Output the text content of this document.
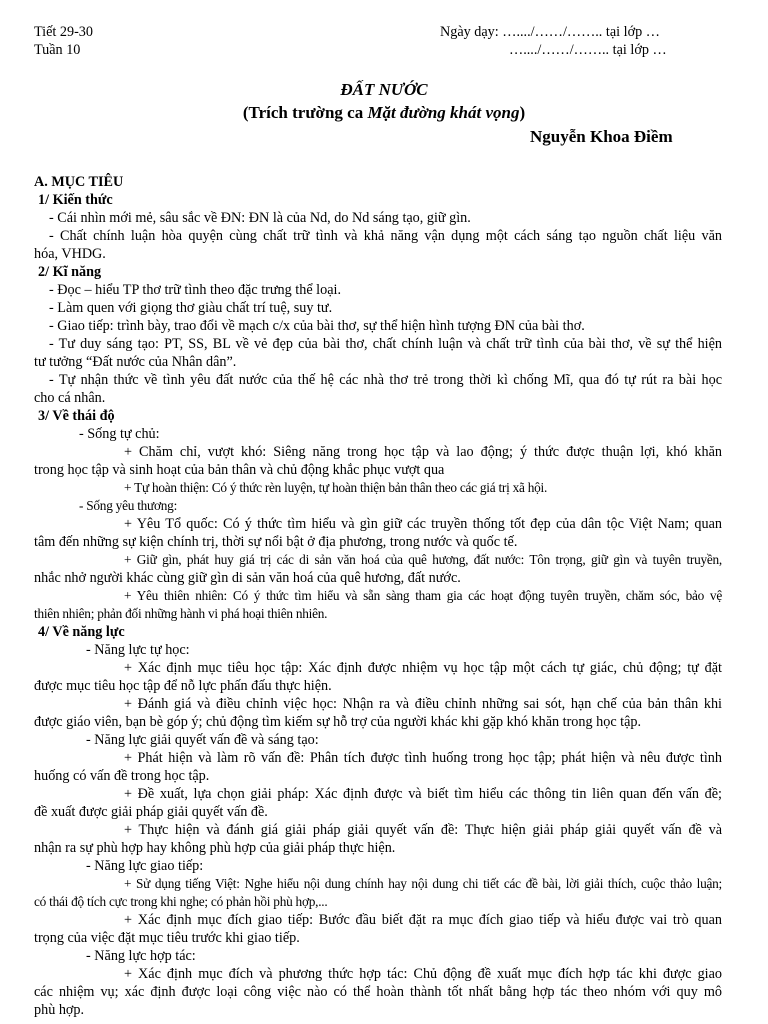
Tiết 29-30
Tuần 10
Ngày dạy: …..../……/…….. tại lớp …
…..../……/…….. tại lớp …
ĐẤT NƯỚC
(Trích trường ca Mặt đường khát vọng)
Nguyễn Khoa Điềm
A. MỤC TIÊU
1/ Kiến thức
- Cái nhìn mới mẻ, sâu sắc về ĐN: ĐN là của Nd, do Nd sáng tạo, giữ gìn.
- Chất chính luận hòa quyện cùng chất trữ tình và khả năng vận dụng một cách sáng tạo nguồn chất liệu văn
hóa, VHDG.
2/ Kĩ năng
- Đọc – hiểu TP thơ trữ tình theo đặc trưng thể loại.
- Làm quen với giọng thơ giàu chất trí tuệ, suy tư.
- Giao tiếp: trình bày, trao đổi về mạch c/x của bài thơ, sự thể hiện hình tượng ĐN của bài thơ.
- Tư duy sáng tạo: PT, SS, BL về vẻ đẹp của bài thơ, chất chính luận và chất trữ tình của bài thơ, về sự thể hiện
tư tưởng “Đất nước của Nhân dân”.
- Tự nhận thức về tình yêu đất nước của thế hệ các nhà thơ trẻ trong thời kì chống Mĩ, qua đó tự rút ra bài học
cho cá nhân.
3/ Về thái độ
- Sống tự chủ:
+ Chăm chỉ, vượt khó: Siêng năng trong học tập và lao động; ý thức được thuận lợi, khó khăn
trong học tập và sinh hoạt của bản thân và chủ động khắc phục vượt qua
+ Tự hoàn thiện: Có ý thức rèn luyện, tự hoàn thiện bản thân theo các giá trị xã hội.
- Sống yêu thương:
+ Yêu Tổ quốc: Có ý thức tìm hiểu và gìn giữ các truyền thống tốt đẹp của dân tộc Việt Nam; quan
tâm đến những sự kiện chính trị, thời sự nổi bật ở địa phương, trong nước và quốc tế.
+ Giữ gìn, phát huy giá trị các di sản văn hoá của quê hương, đất nước: Tôn trọng, giữ gìn và tuyên truyền,
nhắc nhở người khác cùng giữ gìn di sản văn hoá của quê hương, đất nước.
+ Yêu thiên nhiên: Có ý thức tìm hiểu và sẵn sàng tham gia các hoạt động tuyên truyền, chăm sóc, bảo vệ
thiên nhiên; phản đối những hành vi phá hoại thiên nhiên.
4/ Về năng lực
- Năng lực tự học:
+ Xác định mục tiêu học tập: Xác định được nhiệm vụ học tập một cách tự giác, chủ động; tự đặt
được mục tiêu học tập để nỗ lực phấn đấu thực hiện.
+ Đánh giá và điều chỉnh việc học: Nhận ra và điều chỉnh những sai sót, hạn chế của bản thân khi
được giáo viên, bạn bè góp ý; chủ động tìm kiếm sự hỗ trợ của người khác khi gặp khó khăn trong học tập.
- Năng lực giải quyết vấn đề và sáng tạo:
+ Phát hiện và làm rõ vấn đề: Phân tích được tình huống trong học tập; phát hiện và nêu được tình
huống có vấn đề trong học tập.
+ Đề xuất, lựa chọn giải pháp: Xác định được và biết tìm hiểu các thông tin liên quan đến vấn đề;
đề xuất được giải pháp giải quyết vấn đề.
+ Thực hiện và đánh giá giải pháp giải quyết vấn đề: Thực hiện giải pháp giải quyết vấn đề và
nhận ra sự phù hợp hay không phù hợp của giải pháp thực hiện.
- Năng lực giao tiếp:
+ Sử dụng tiếng Việt: Nghe hiểu nội dung chính hay nội dung chi tiết các đề bài, lời giải thích, cuộc thảo luận;
có thái độ tích cực trong khi nghe; có phản hồi phù hợp,...
+ Xác định mục đích giao tiếp: Bước đầu biết đặt ra mục đích giao tiếp và hiểu được vai trò quan
trọng của việc đặt mục tiêu trước khi giao tiếp.
- Năng lực hợp tác:
+ Xác định mục đích và phương thức hợp tác: Chủ động đề xuất mục đích hợp tác khi được giao
các nhiệm vụ; xác định được loại công việc nào có thể hoàn thành tốt nhất bằng hợp tác theo nhóm với quy mô
phù hợp.
